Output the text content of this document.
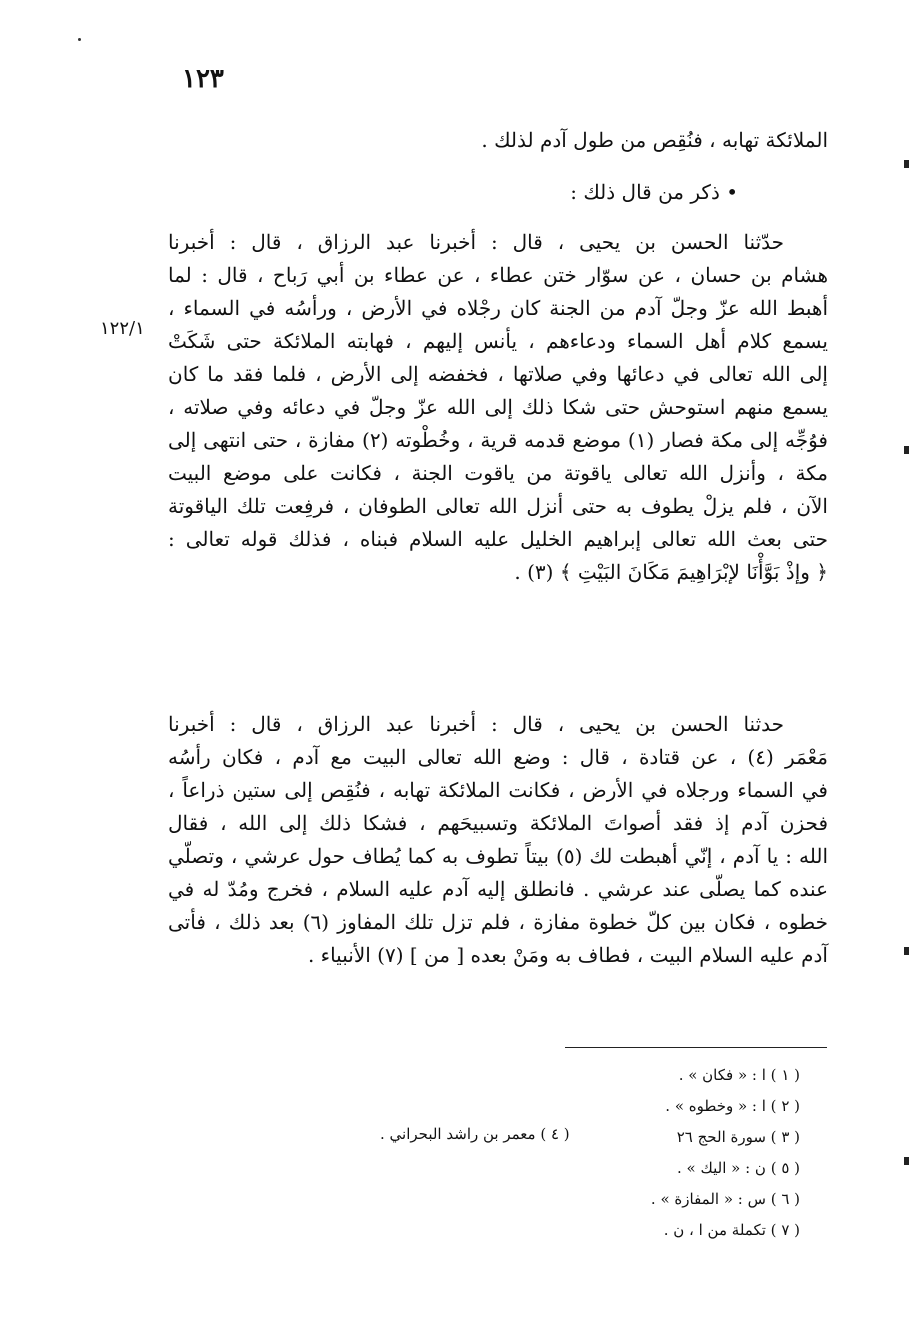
١٢٣
١٢٢/١
الملائكة تهابه ، فنُقِص من طول آدم لذلك .
• ذكر من قال ذلك :
حدّثنا الحسن بن يحيى ، قال : أخبرنا عبد الرزاق ، قال : أخبرنا
هشام بن حسان ، عن سوّار ختن عطاء ، عن عطاء بن أبي رَباح ، قال : لما
أهبط الله عزّ وجلّ آدم من الجنة كان رجْلاه في الأرض ، ورأسُه في السماء ،
يسمع كلام أهل السماء ودعاءهم ، يأنس إليهم ، فهابته الملائكة حتى شَكَتْ
إلى الله تعالى في دعائها وفي صلاتها ، فخفضه إلى الأرض ، فلما فقد ما كان
يسمع منهم استوحش حتى شكا ذلك إلى الله عزّ وجلّ في دعائه وفي صلاته ،
فوُجِّه إلى مكة فصار (١) موضع قدمه قرية ، وخُطْوته (٢) مفازة ، حتى انتهى إلى
مكة ، وأنزل الله تعالى ياقوتة من ياقوت الجنة ، فكانت على موضع البيت
الآن ، فلم يزلْ يطوف به حتى أنزل الله تعالى الطوفان ، فرفِعت تلك الياقوتة
حتى بعث الله تعالى إبراهيم الخليل عليه السلام فبناه ، فذلك قوله تعالى :
﴿ وإذْ بَوَّأْنَا لإبْرَاهِيمَ مَكَانَ البَيْتِ ﴾ (٣) .
حدثنا الحسن بن يحيى ، قال : أخبرنا عبد الرزاق ، قال : أخبرنا
مَعْمَر (٤) ، عن قتادة ، قال : وضع الله تعالى البيت مع آدم ، فكان رأسُه
في السماء ورجلاه في الأرض ، فكانت الملائكة تهابه ، فنُقِص إلى ستين ذراعاً ،
فحزن آدم إذ فقد أصواتَ الملائكة وتسبيحَهم ، فشكا ذلك إلى الله ، فقال
الله : يا آدم ، إنّي أهبطت لك (٥) بيتاً تطوف به كما يُطاف حول عرشي ، وتصلّي
عنده كما يصلّى عند عرشي . فانطلق إليه آدم عليه السلام ، فخرج ومُدّ له في
خطوه ، فكان بين كلّ خطوة مفازة ، فلم تزل تلك المفاوز (٦) بعد ذلك ، فأتى
آدم عليه السلام البيت ، فطاف به ومَنْ بعده [ من ] (٧) الأنبياء .
( ١ ) ا : « فكان » .
( ٢ ) ا : « وخطوه » .
( ٣ ) سورة الحج ٢٦
( ٥ ) ن : « اليك » .
( ٦ ) س : « المفازة » .
( ٧ ) تكملة من ا ، ن .
( ٤ ) معمر بن راشد البحراني .
